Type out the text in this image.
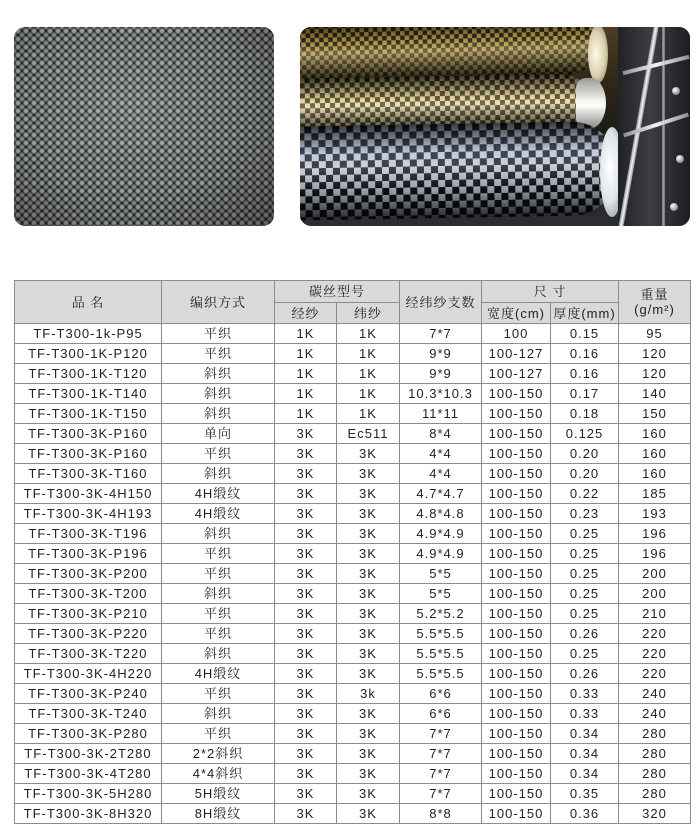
品 名	编织方式	碳丝型号		经纬纱支数	尺 寸		重量
(g/m²)

		经纱	纬纱		宽度(cm)	厚度(mm)	
TF-T300-1k-P95	平织	1K	1K	7*7	100	0.15	95
TF-T300-1K-P120	平织	1K	1K	9*9	100-127	0.16	120
TF-T300-1K-T120	斜织	1K	1K	9*9	100-127	0.16	120
TF-T300-1K-T140	斜织	1K	1K	10.3*10.3	100-150	0.17	140
TF-T300-1K-T150	斜织	1K	1K	11*11	100-150	0.18	150
TF-T300-3K-P160	单向	3K	Ec511	8*4	100-150	0.125	160
TF-T300-3K-P160	平织	3K	3K	4*4	100-150	0.20	160
TF-T300-3K-T160	斜织	3K	3K	4*4	100-150	0.20	160
TF-T300-3K-4H150	4H缎纹	3K	3K	4.7*4.7	100-150	0.22	185
TF-T300-3K-4H193	4H缎纹	3K	3K	4.8*4.8	100-150	0.23	193
TF-T300-3K-T196	斜织	3K	3K	4.9*4.9	100-150	0.25	196
TF-T300-3K-P196	平织	3K	3K	4.9*4.9	100-150	0.25	196
TF-T300-3K-P200	平织	3K	3K	5*5	100-150	0.25	200
TF-T300-3K-T200	斜织	3K	3K	5*5	100-150	0.25	200
TF-T300-3K-P210	平织	3K	3K	5.2*5.2	100-150	0.25	210
TF-T300-3K-P220	平织	3K	3K	5.5*5.5	100-150	0.26	220
TF-T300-3K-T220	斜织	3K	3K	5.5*5.5	100-150	0.25	220
TF-T300-3K-4H220	4H缎纹	3K	3K	5.5*5.5	100-150	0.26	220
TF-T300-3K-P240	平织	3K	3k	6*6	100-150	0.33	240
TF-T300-3K-T240	斜织	3K	3K	6*6	100-150	0.33	240
TF-T300-3K-P280	平织	3K	3K	7*7	100-150	0.34	280
TF-T300-3K-2T280	2*2斜织	3K	3K	7*7	100-150	0.34	280
TF-T300-3K-4T280	4*4斜织	3K	3K	7*7	100-150	0.34	280
TF-T300-3K-5H280	5H缎纹	3K	3K	7*7	100-150	0.35	280
TF-T300-3K-8H320	8H缎纹	3K	3K	8*8	100-150	0.36	320
